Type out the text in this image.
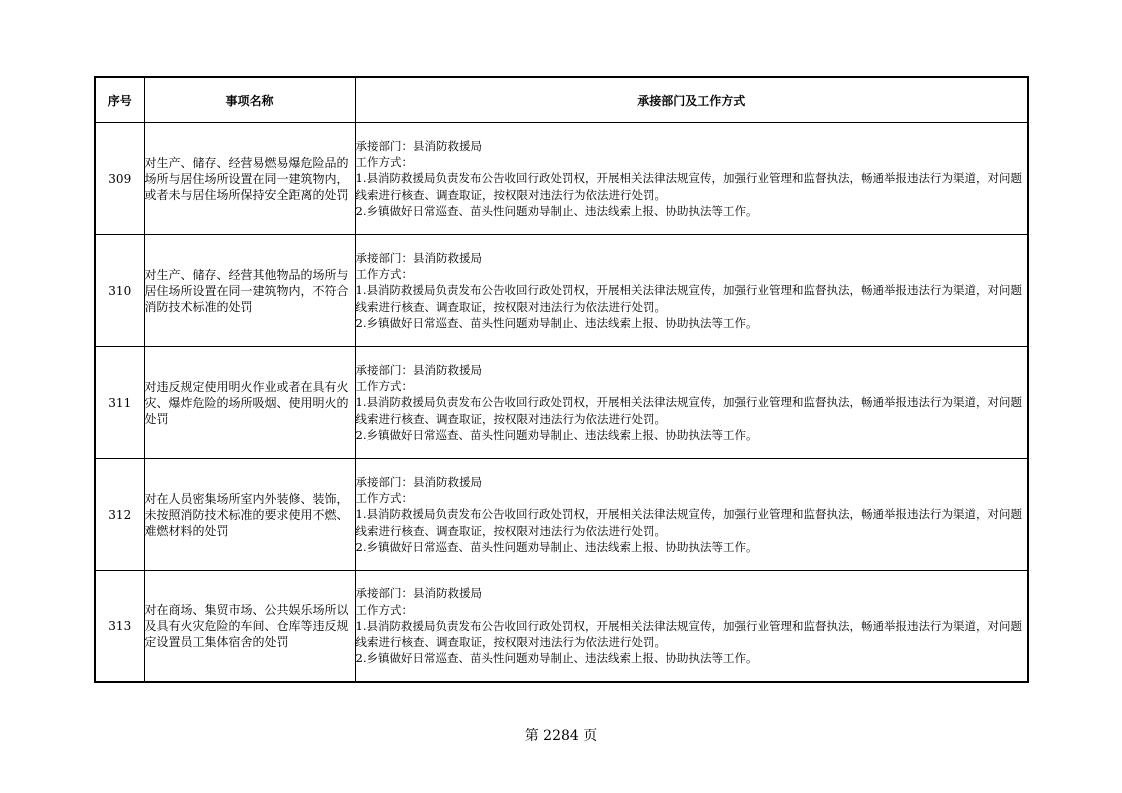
序号	事项名称	承接部门及工作方式
309	对生产、储存、经营易燃易爆危险品的场所与居住场所设置在同一建筑物内，或者未与居住场所保持安全距离的处罚	承接部门：县消防救援局
工作方式：
1.县消防救援局负责发布公告收回行政处罚权，开展相关法律法规宣传，加强行业管理和监督执法，畅通举报违法行为渠道，对问题线索进行核查、调查取证，按权限对违法行为依法进行处罚。
2.乡镇做好日常巡查、苗头性问题劝导制止、违法线索上报、协助执法等工作。
310	对生产、储存、经营其他物品的场所与居住场所设置在同一建筑物内，不符合消防技术标准的处罚	承接部门：县消防救援局
工作方式：
1.县消防救援局负责发布公告收回行政处罚权，开展相关法律法规宣传，加强行业管理和监督执法，畅通举报违法行为渠道，对问题线索进行核查、调查取证，按权限对违法行为依法进行处罚。
2.乡镇做好日常巡查、苗头性问题劝导制止、违法线索上报、协助执法等工作。
311	对违反规定使用明火作业或者在具有火灾、爆炸危险的场所吸烟、使用明火的处罚	承接部门：县消防救援局
工作方式：
1.县消防救援局负责发布公告收回行政处罚权，开展相关法律法规宣传，加强行业管理和监督执法，畅通举报违法行为渠道，对问题线索进行核查、调查取证，按权限对违法行为依法进行处罚。
2.乡镇做好日常巡查、苗头性问题劝导制止、违法线索上报、协助执法等工作。
312	对在人员密集场所室内外装修、装饰，未按照消防技术标准的要求使用不燃、难燃材料的处罚	承接部门：县消防救援局
工作方式：
1.县消防救援局负责发布公告收回行政处罚权，开展相关法律法规宣传，加强行业管理和监督执法，畅通举报违法行为渠道，对问题线索进行核查、调查取证，按权限对违法行为依法进行处罚。
2.乡镇做好日常巡查、苗头性问题劝导制止、违法线索上报、协助执法等工作。
313	对在商场、集贸市场、公共娱乐场所以及具有火灾危险的车间、仓库等违反规定设置员工集体宿舍的处罚	承接部门：县消防救援局
工作方式：
1.县消防救援局负责发布公告收回行政处罚权，开展相关法律法规宣传，加强行业管理和监督执法，畅通举报违法行为渠道，对问题线索进行核查、调查取证，按权限对违法行为依法进行处罚。
2.乡镇做好日常巡查、苗头性问题劝导制止、违法线索上报、协助执法等工作。
第 2284 页
